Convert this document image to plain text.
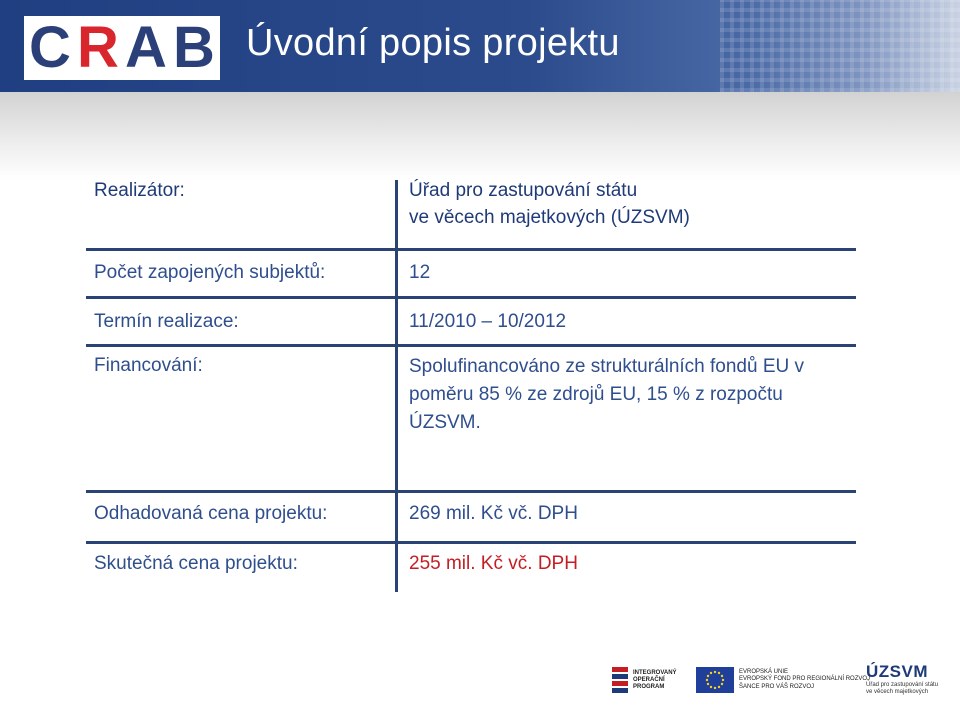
C R A B Úvodní popis projektu
Realizátor:	Úřad pro zastupování státu
ve věcech majetkových (ÚZSVM)
Počet zapojených subjektů:	12
Termín realizace:	11/2010 – 10/2012
Financování:	Spolufinancováno ze strukturálních fondů EU v poměru 85 % ze zdrojů EU, 15 % z rozpočtu ÚZSVM.
Odhadovaná cena projektu:	269 mil. Kč vč. DPH
Skutečná cena projektu:	255 mil. Kč vč. DPH
INTEGROVANÝ
OPERAČNÍ
PROGRAM
EVROPSKÁ UNIE
EVROPSKÝ FOND PRO REGIONÁLNÍ ROZVOJ
ŠANCE PRO VÁŠ ROZVOJ
ÚZSVM
Úřad pro zastupování státu
ve věcech majetkových
